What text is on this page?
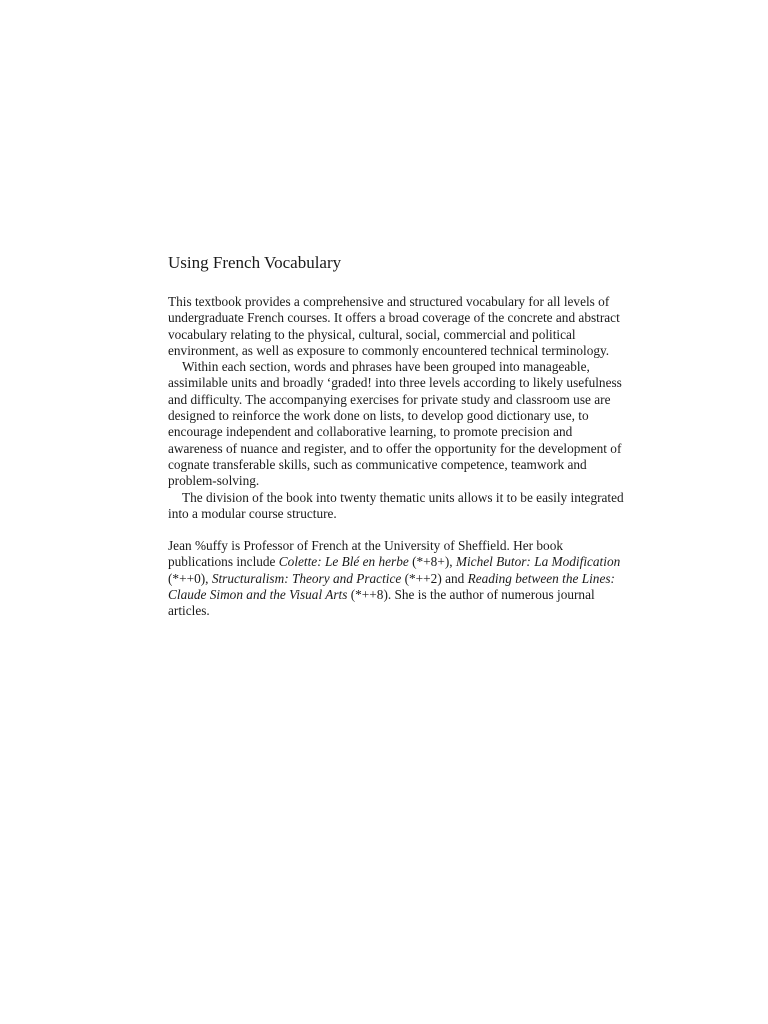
Using French Vocabulary

This textbook provides a comprehensive and structured vocabulary for all levels of undergraduate French courses. It offers a broad coverage of the concrete and abstract vocabulary relating to the physical, cultural, social, commercial and political environment, as well as exposure to commonly encountered technical terminology.

Within each section, words and phrases have been grouped into manageable, assimilable units and broadly ‘graded! into three levels according to likely usefulness and difficulty. The accompanying exercises for private study and classroom use are designed to reinforce the work done on lists, to develop good dictionary use, to encourage independent and collaborative learning, to promote precision and awareness of nuance and register, and to offer the opportunity for the development of cognate transferable skills, such as communicative competence, teamwork and problem-solving.

The division of the book into twenty thematic units allows it to be easily integrated into a modular course structure.

Jean %uffy is Professor of French at the University of Sheffield. Her book publications include Colette: Le Blé en herbe (*+8+), Michel Butor: La Modification (*++0), Structuralism: Theory and Practice (*++2) and Reading between the Lines: Claude Simon and the Visual Arts (*++8). She is the author of numerous journal articles.
